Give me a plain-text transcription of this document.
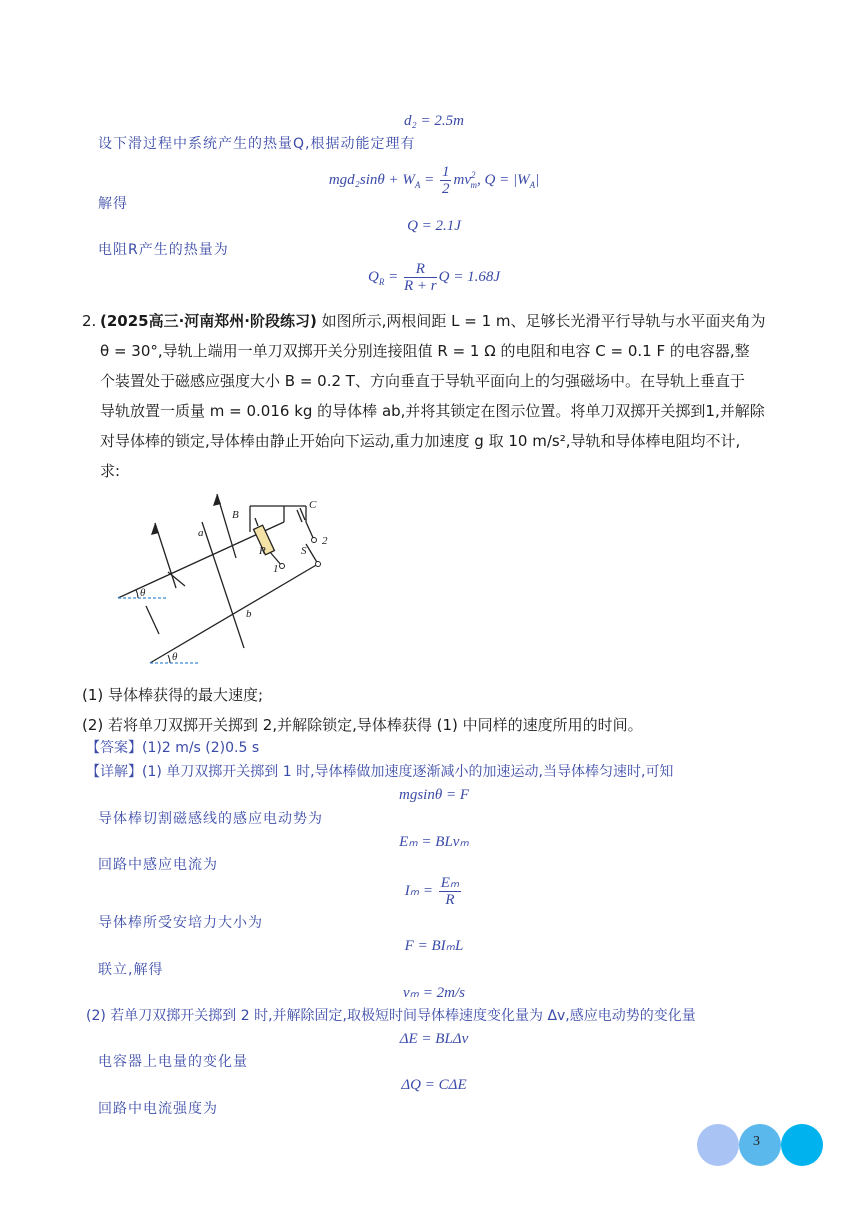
d₂ = 2.5m
设下滑过程中系统产生的热量Q,根据动能定理有
$mgd_2\sin\theta + W_A = \frac{1}{2} mv^2_m$, $Q = |W_A|$
解得
Q = 2.1J
电阻R产生的热量为
$Q_R = \frac{R}{R + r}$ Q = 1.68J
2. (2025高三·河南郑州·阶段练习) 如图所示,两根间距 L = 1 m、足够长光滑平行导轨与水平面夹角为

θ = 30°,导轨上端用一单刀双掷开关分别连接阻值 R = 1 Ω 的电阻和电容 C = 0.1 F 的电容器,整

个装置处于磁感应强度大小 B = 0.2 T、方向垂直于导轨平面向上的匀强磁场中。在导轨上垂直于

导轨放置一质量 m = 0.016 kg 的导体棒 ab,并将其锁定在图示位置。将单刀双掷开关掷到1,并解除

对导体棒的锁定,导体棒由静止开始向下运动,重力加速度 g 取 10 m/s²,导轨和导体棒电阻均不计,

求:

B
C
a
b
R	S
1
2
θ
θ

(1) 导体棒获得的最大速度;

(2) 若将单刀双掷开关掷到 2,并解除锁定,导体棒获得 (1) 中同样的速度所用的时间。

【答案】(1)2 m/s (2)0.5 s
【详解】(1) 单刀双掷开关掷到 1 时,导体棒做加速度逐渐减小的加速运动,当导体棒匀速时,可知
mgsinθ = F
导体棒切割磁感线的感应电动势为
Eₘ = BLvₘ
回路中感应电流为
$I_m = \frac{\text{Eₘ}}{R}$
导体棒所受安培力大小为
F = BIₘL
联立,解得
vₘ = 2m/s
(2) 若单刀双掷开关掷到 2 时,并解除固定,取极短时间导体棒速度变化量为 Δv,感应电动势的变化量
ΔE = BLΔv
电容器上电量的变化量
ΔQ = CΔE
回路中电流强度为
3
